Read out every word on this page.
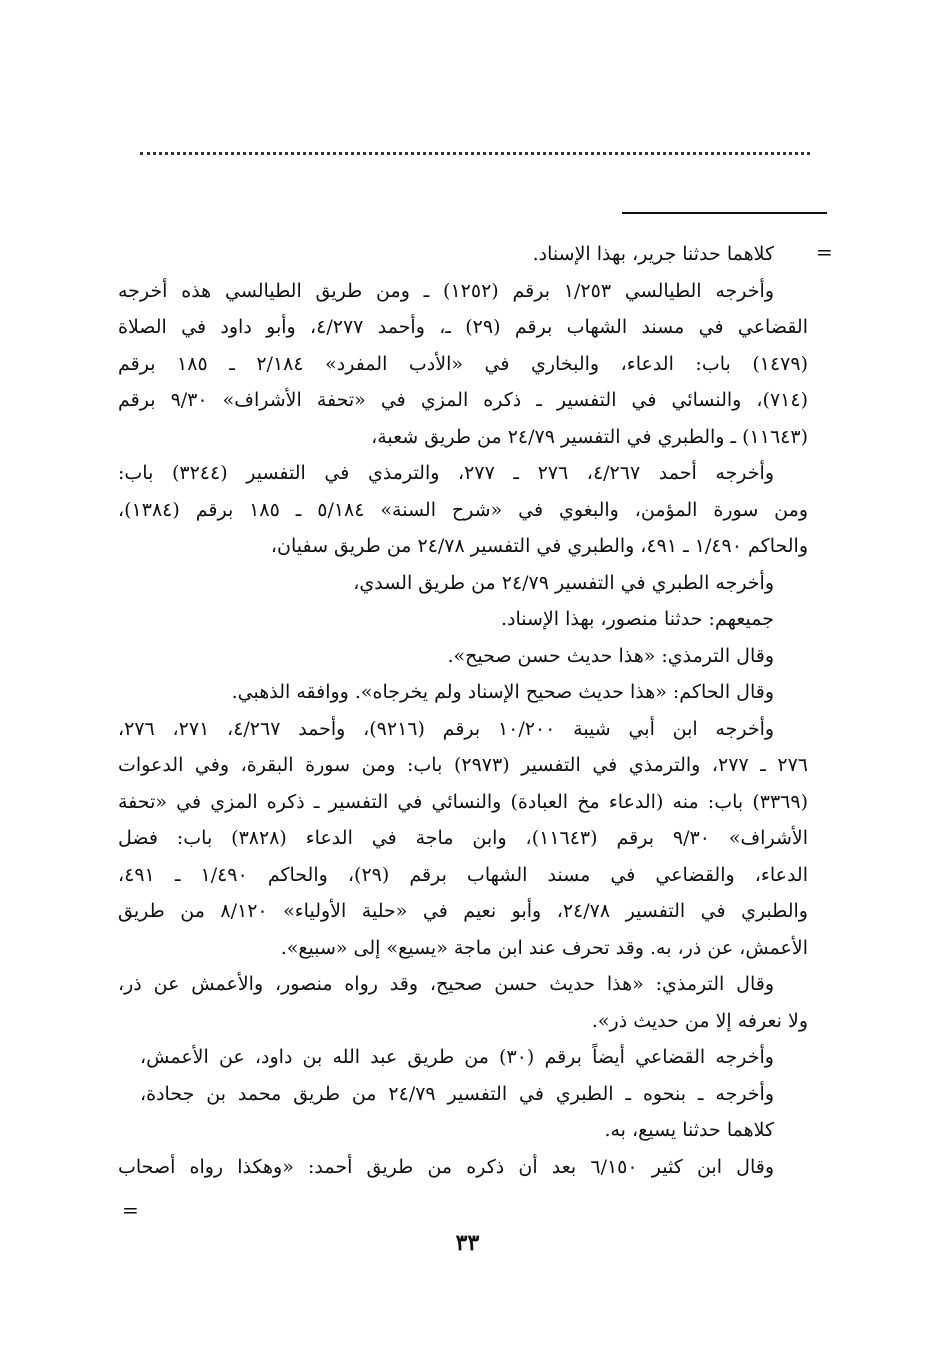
=
كلاهما حدثنا جرير، بهذا الإسناد.
وأخرجه الطيالسي ١/٢٥٣ برقم (١٢٥٢) ـ ومن طريق الطيالسي هذه أخرجه
القضاعي في مسند الشهاب برقم (٢٩) ـ، وأحمد ٤/٢٧٧، وأبو داود في الصلاة
(١٤٧٩) باب: الدعاء، والبخاري في «الأدب المفرد» ٢/١٨٤ ـ ١٨٥ برقم
(٧١٤)، والنسائي في التفسير ـ ذكره المزي في «تحفة الأشراف» ٩/٣٠ برقم
(١١٦٤٣) ـ والطبري في التفسير ٢٤/٧٩ من طريق شعبة،
وأخرجه أحمد ٤/٢٦٧، ٢٧٦ ـ ٢٧٧، والترمذي في التفسير (٣٢٤٤) باب:
ومن سورة المؤمن، والبغوي في «شرح السنة» ٥/١٨٤ ـ ١٨٥ برقم (١٣٨٤)،
والحاكم ١/٤٩٠ ـ ٤٩١، والطبري في التفسير ٢٤/٧٨ من طريق سفيان،
وأخرجه الطبري في التفسير ٢٤/٧٩ من طريق السدي،
جميعهم: حدثنا منصور، بهذا الإسناد.
وقال الترمذي: «هذا حديث حسن صحيح».
وقال الحاكم: «هذا حديث صحيح الإسناد ولم يخرجاه». ووافقه الذهبي.
وأخرجه ابن أبي شيبة ١٠/٢٠٠ برقم (٩٢١٦)، وأحمد ٤/٢٦٧، ٢٧١، ٢٧٦،
٢٧٦ ـ ٢٧٧، والترمذي في التفسير (٢٩٧٣) باب: ومن سورة البقرة، وفي الدعوات
(٣٣٦٩) باب: منه (الدعاء مخ العبادة) والنسائي في التفسير ـ ذكره المزي في «تحفة
الأشراف» ٩/٣٠ برقم (١١٦٤٣)، وابن ماجة في الدعاء (٣٨٢٨) باب: فضل
الدعاء، والقضاعي في مسند الشهاب برقم (٢٩)، والحاكم ١/٤٩٠ ـ ٤٩١،
والطبري في التفسير ٢٤/٧٨، وأبو نعيم في «حلية الأولياء» ٨/١٢٠ من طريق
الأعمش، عن ذر، به. وقد تحرف عند ابن ماجة «يسيع» إلى «سبيع».
وقال الترمذي: «هذا حديث حسن صحيح، وقد رواه منصور، والأعمش عن ذر،
ولا نعرفه إلا من حديث ذر».
وأخرجه القضاعي أيضاً برقم (٣٠) من طريق عبد الله بن داود، عن الأعمش،
وأخرجه ـ بنحوه ـ الطبري في التفسير ٢٤/٧٩ من طريق محمد بن جحادة،
كلاهما حدثنا يسيع، به.
وقال ابن كثير ٦/١٥٠ بعد أن ذكره من طريق أحمد: «وهكذا رواه أصحاب
=
٣٣
